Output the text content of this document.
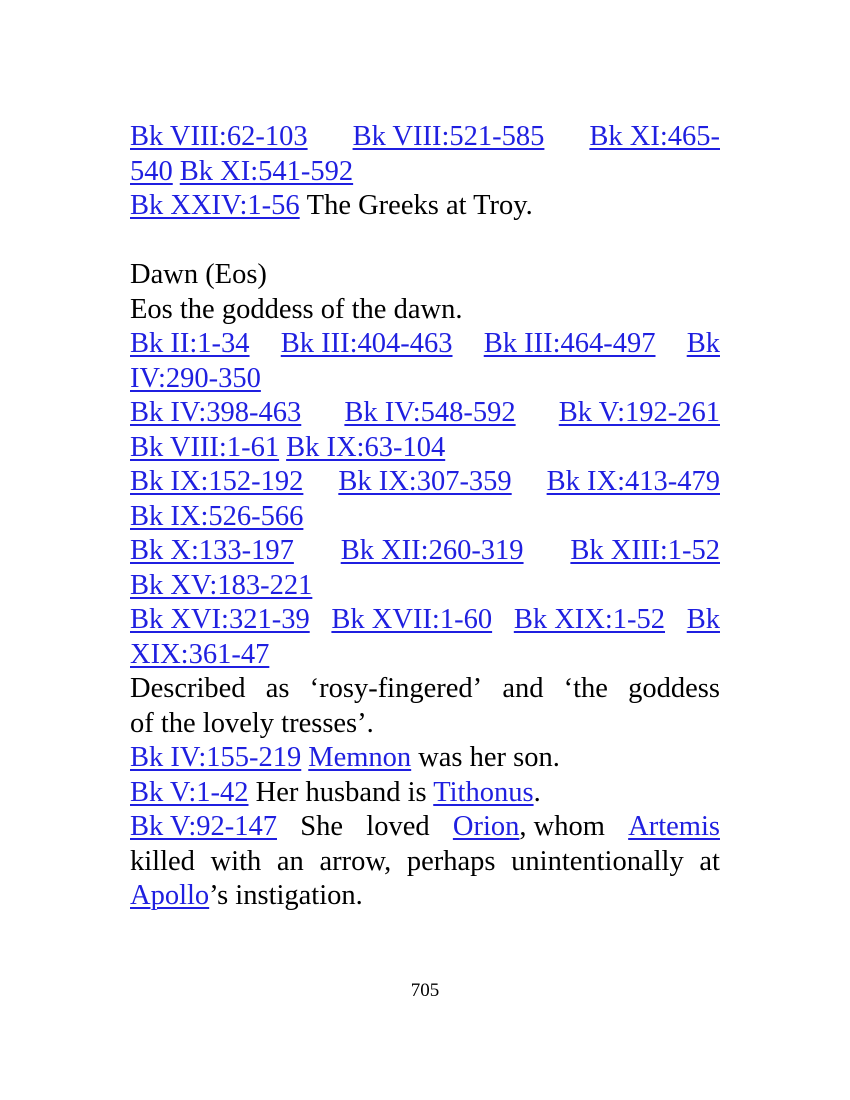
Bk VIII:62-103 Bk VIII:521-585 Bk XI:465-
540 Bk XI:541-592
Bk XXIV:1-56 The Greeks at Troy.
Dawn (Eos)
Eos the goddess of the dawn.
Bk II:1-34 Bk III:404-463 Bk III:464-497 Bk
IV:290-350
Bk IV:398-463 Bk IV:548-592 Bk V:192-261
Bk VIII:1-61 Bk IX:63-104
Bk IX:152-192 Bk IX:307-359 Bk IX:413-479
Bk IX:526-566
Bk X:133-197 Bk XII:260-319 Bk XIII:1-52
Bk XV:183-221
Bk XVI:321-39 Bk XVII:1-60 Bk XIX:1-52 Bk
XIX:361-47
Described as ‘rosy-fingered’ and ‘the goddess
of the lovely tresses’.
Bk IV:155-219 Memnon was her son.
Bk V:1-42 Her husband is Tithonus.
Bk V:92-147 She loved Orion, whom Artemis
killed with an arrow, perhaps unintentionally at
Apollo’s instigation.
705
